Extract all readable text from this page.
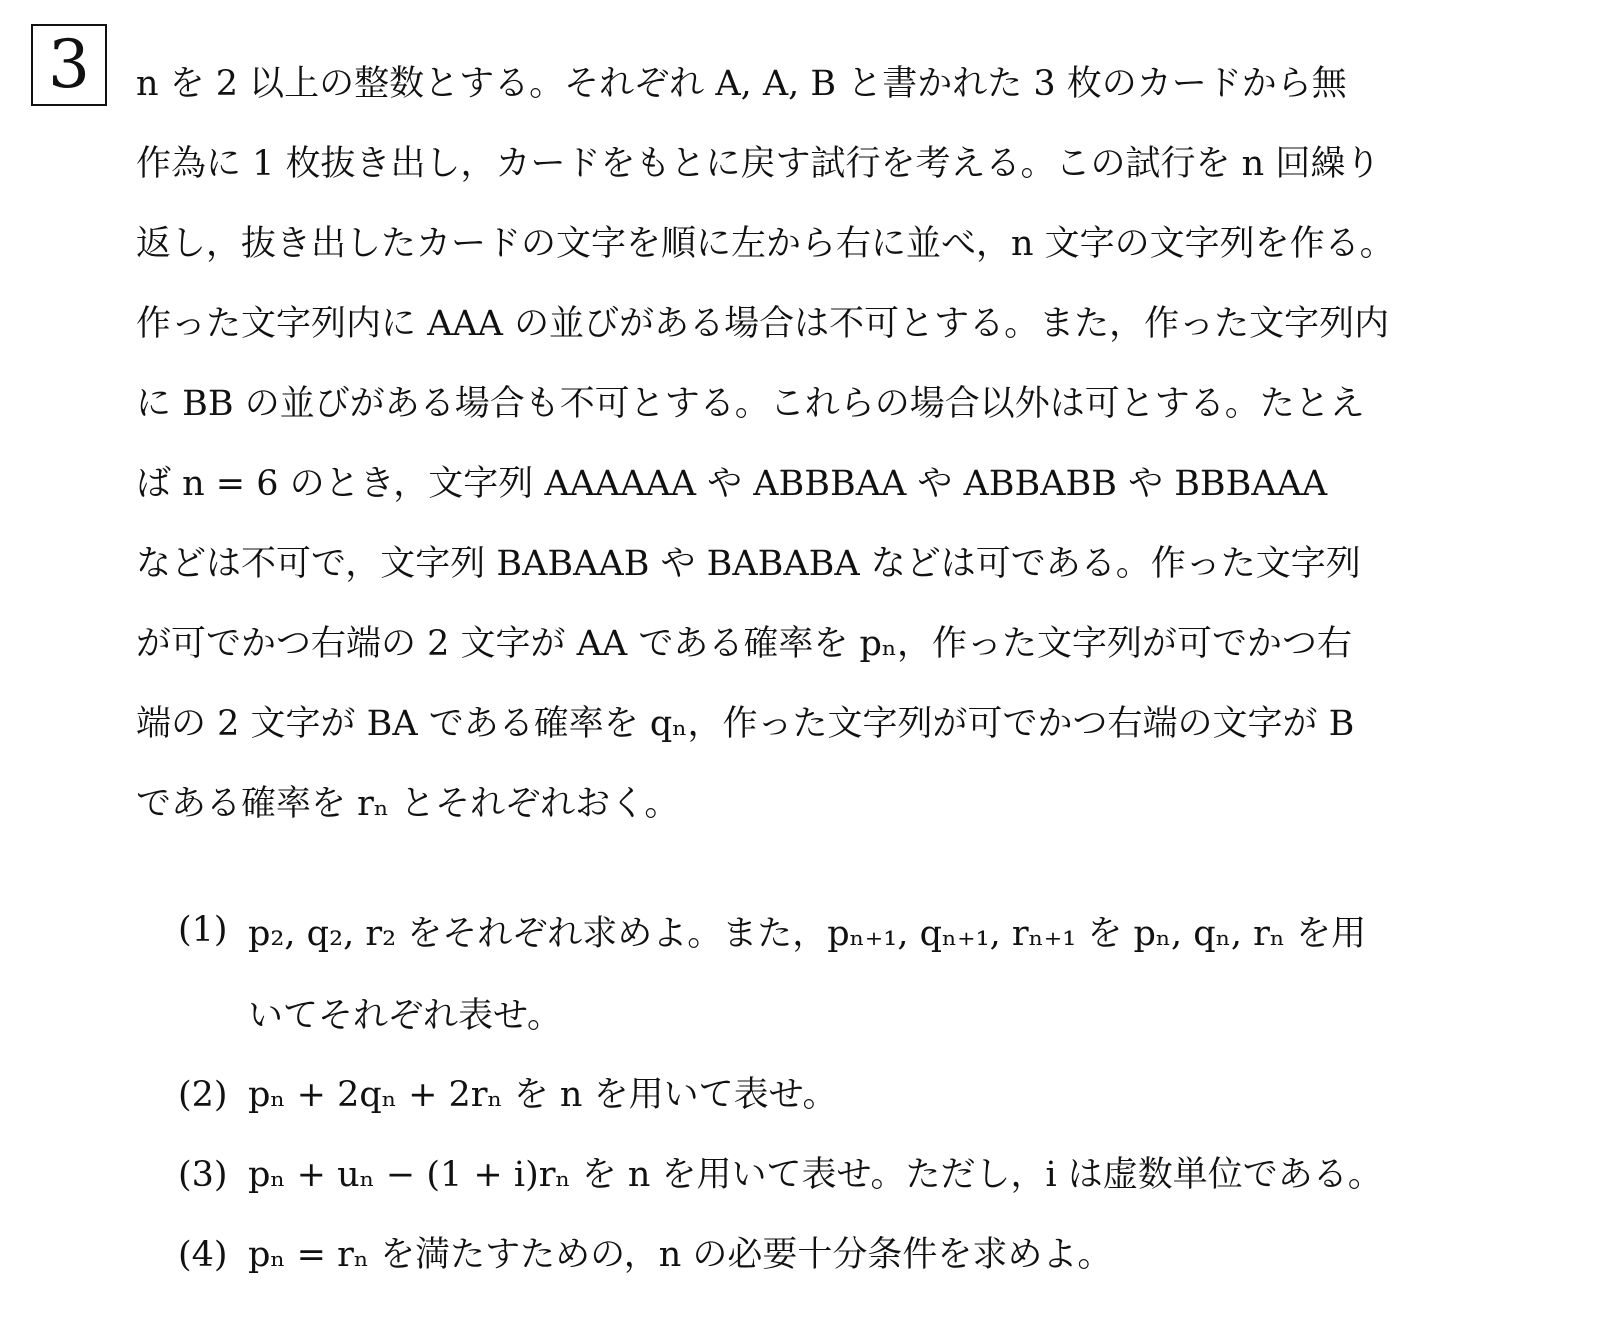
3 n を 2 以上の整数とする。それぞれ A, A, B と書かれた 3 枚のカードから無
作為に 1 枚抜き出し，カードをもとに戻す試行を考える。この試行を n 回繰り
返し，抜き出したカードの文字を順に左から右に並べ，n 文字の文字列を作る。
作った文字列内に AAA の並びがある場合は不可とする。また，作った文字列内
に BB の並びがある場合も不可とする。これらの場合以外は可とする。たとえ
ば n = 6 のとき，文字列 AAAAAA や ABBBAA や ABBABB や BBBAAA
などは不可で，文字列 BABAAB や BABABA などは可である。作った文字列
が可でかつ右端の 2 文字が AA である確率を pₙ，作った文字列が可でかつ右
端の 2 文字が BA である確率を qₙ，作った文字列が可でかつ右端の文字が B
である確率を rₙ とそれぞれおく。
(1) p₂, q₂, r₂ をそれぞれ求めよ。また，pₙ₊₁, qₙ₊₁, rₙ₊₁ を pₙ, qₙ, rₙ を用
いてそれぞれ表せ。
(2) pₙ + 2qₙ + 2rₙ を n を用いて表せ。
(3) pₙ + uₙ − (1 + i)rₙ を n を用いて表せ。ただし，i は虚数単位である。
(4) pₙ = rₙ を満たすための，n の必要十分条件を求めよ。
